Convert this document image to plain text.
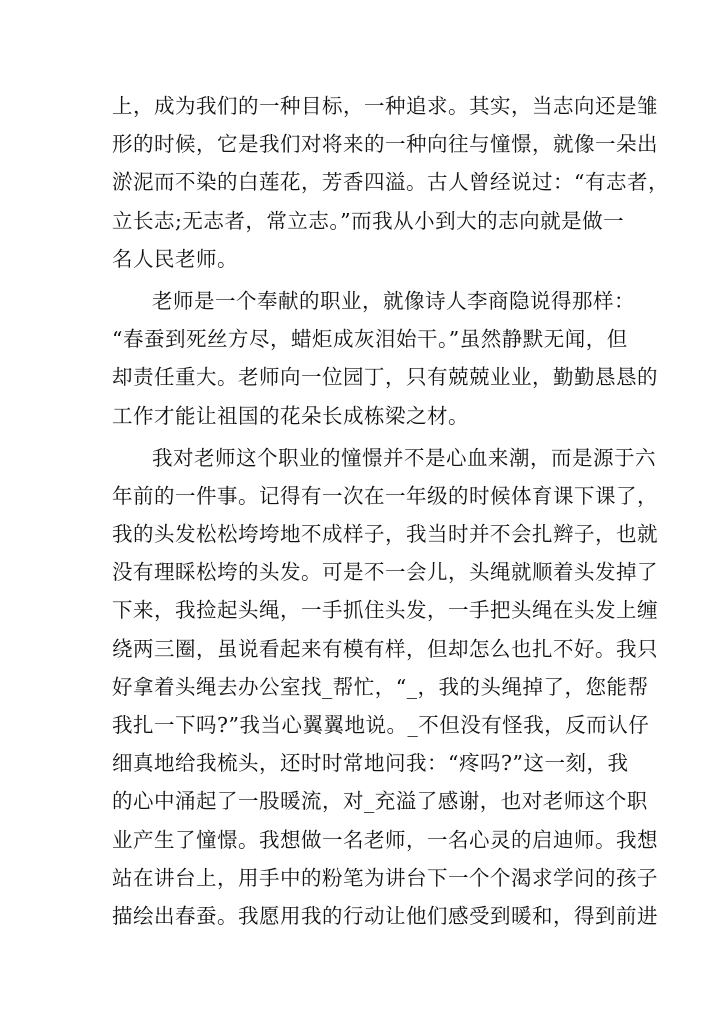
上，成为我们的一种目标，一种追求。其实，当志向还是雏
形的时候，它是我们对将来的一种向往与憧憬，就像一朵出
淤泥而不染的白莲花，芳香四溢。古人曾经说过：“有志者，
立长志;无志者，常立志。”而我从小到大的志向就是做一
名人民老师。
老师是一个奉献的职业，就像诗人李商隐说得那样：
“春蚕到死丝方尽，蜡炬成灰泪始干。”虽然静默无闻，但
却责任重大。老师向一位园丁，只有兢兢业业，勤勤恳恳的
工作才能让祖国的花朵长成栋梁之材。
我对老师这个职业的憧憬并不是心血来潮，而是源于六
年前的一件事。记得有一次在一年级的时候体育课下课了，
我的头发松松垮垮地不成样子，我当时并不会扎辫子，也就
没有理睬松垮的头发。可是不一会儿，头绳就顺着头发掉了
下来，我捡起头绳，一手抓住头发，一手把头绳在头发上缠
绕两三圈，虽说看起来有模有样，但却怎么也扎不好。我只
好拿着头绳去办公室找_帮忙，“_，我的头绳掉了，您能帮
我扎一下吗?”我当心翼翼地说。_不但没有怪我，反而认仔
细真地给我梳头，还时时常地问我：“疼吗?”这一刻，我
的心中涌起了一股暖流，对_充溢了感谢，也对老师这个职
业产生了憧憬。我想做一名老师，一名心灵的启迪师。我想
站在讲台上，用手中的粉笔为讲台下一个个渴求学问的孩子
描绘出春蚕。我愿用我的行动让他们感受到暖和，得到前进
